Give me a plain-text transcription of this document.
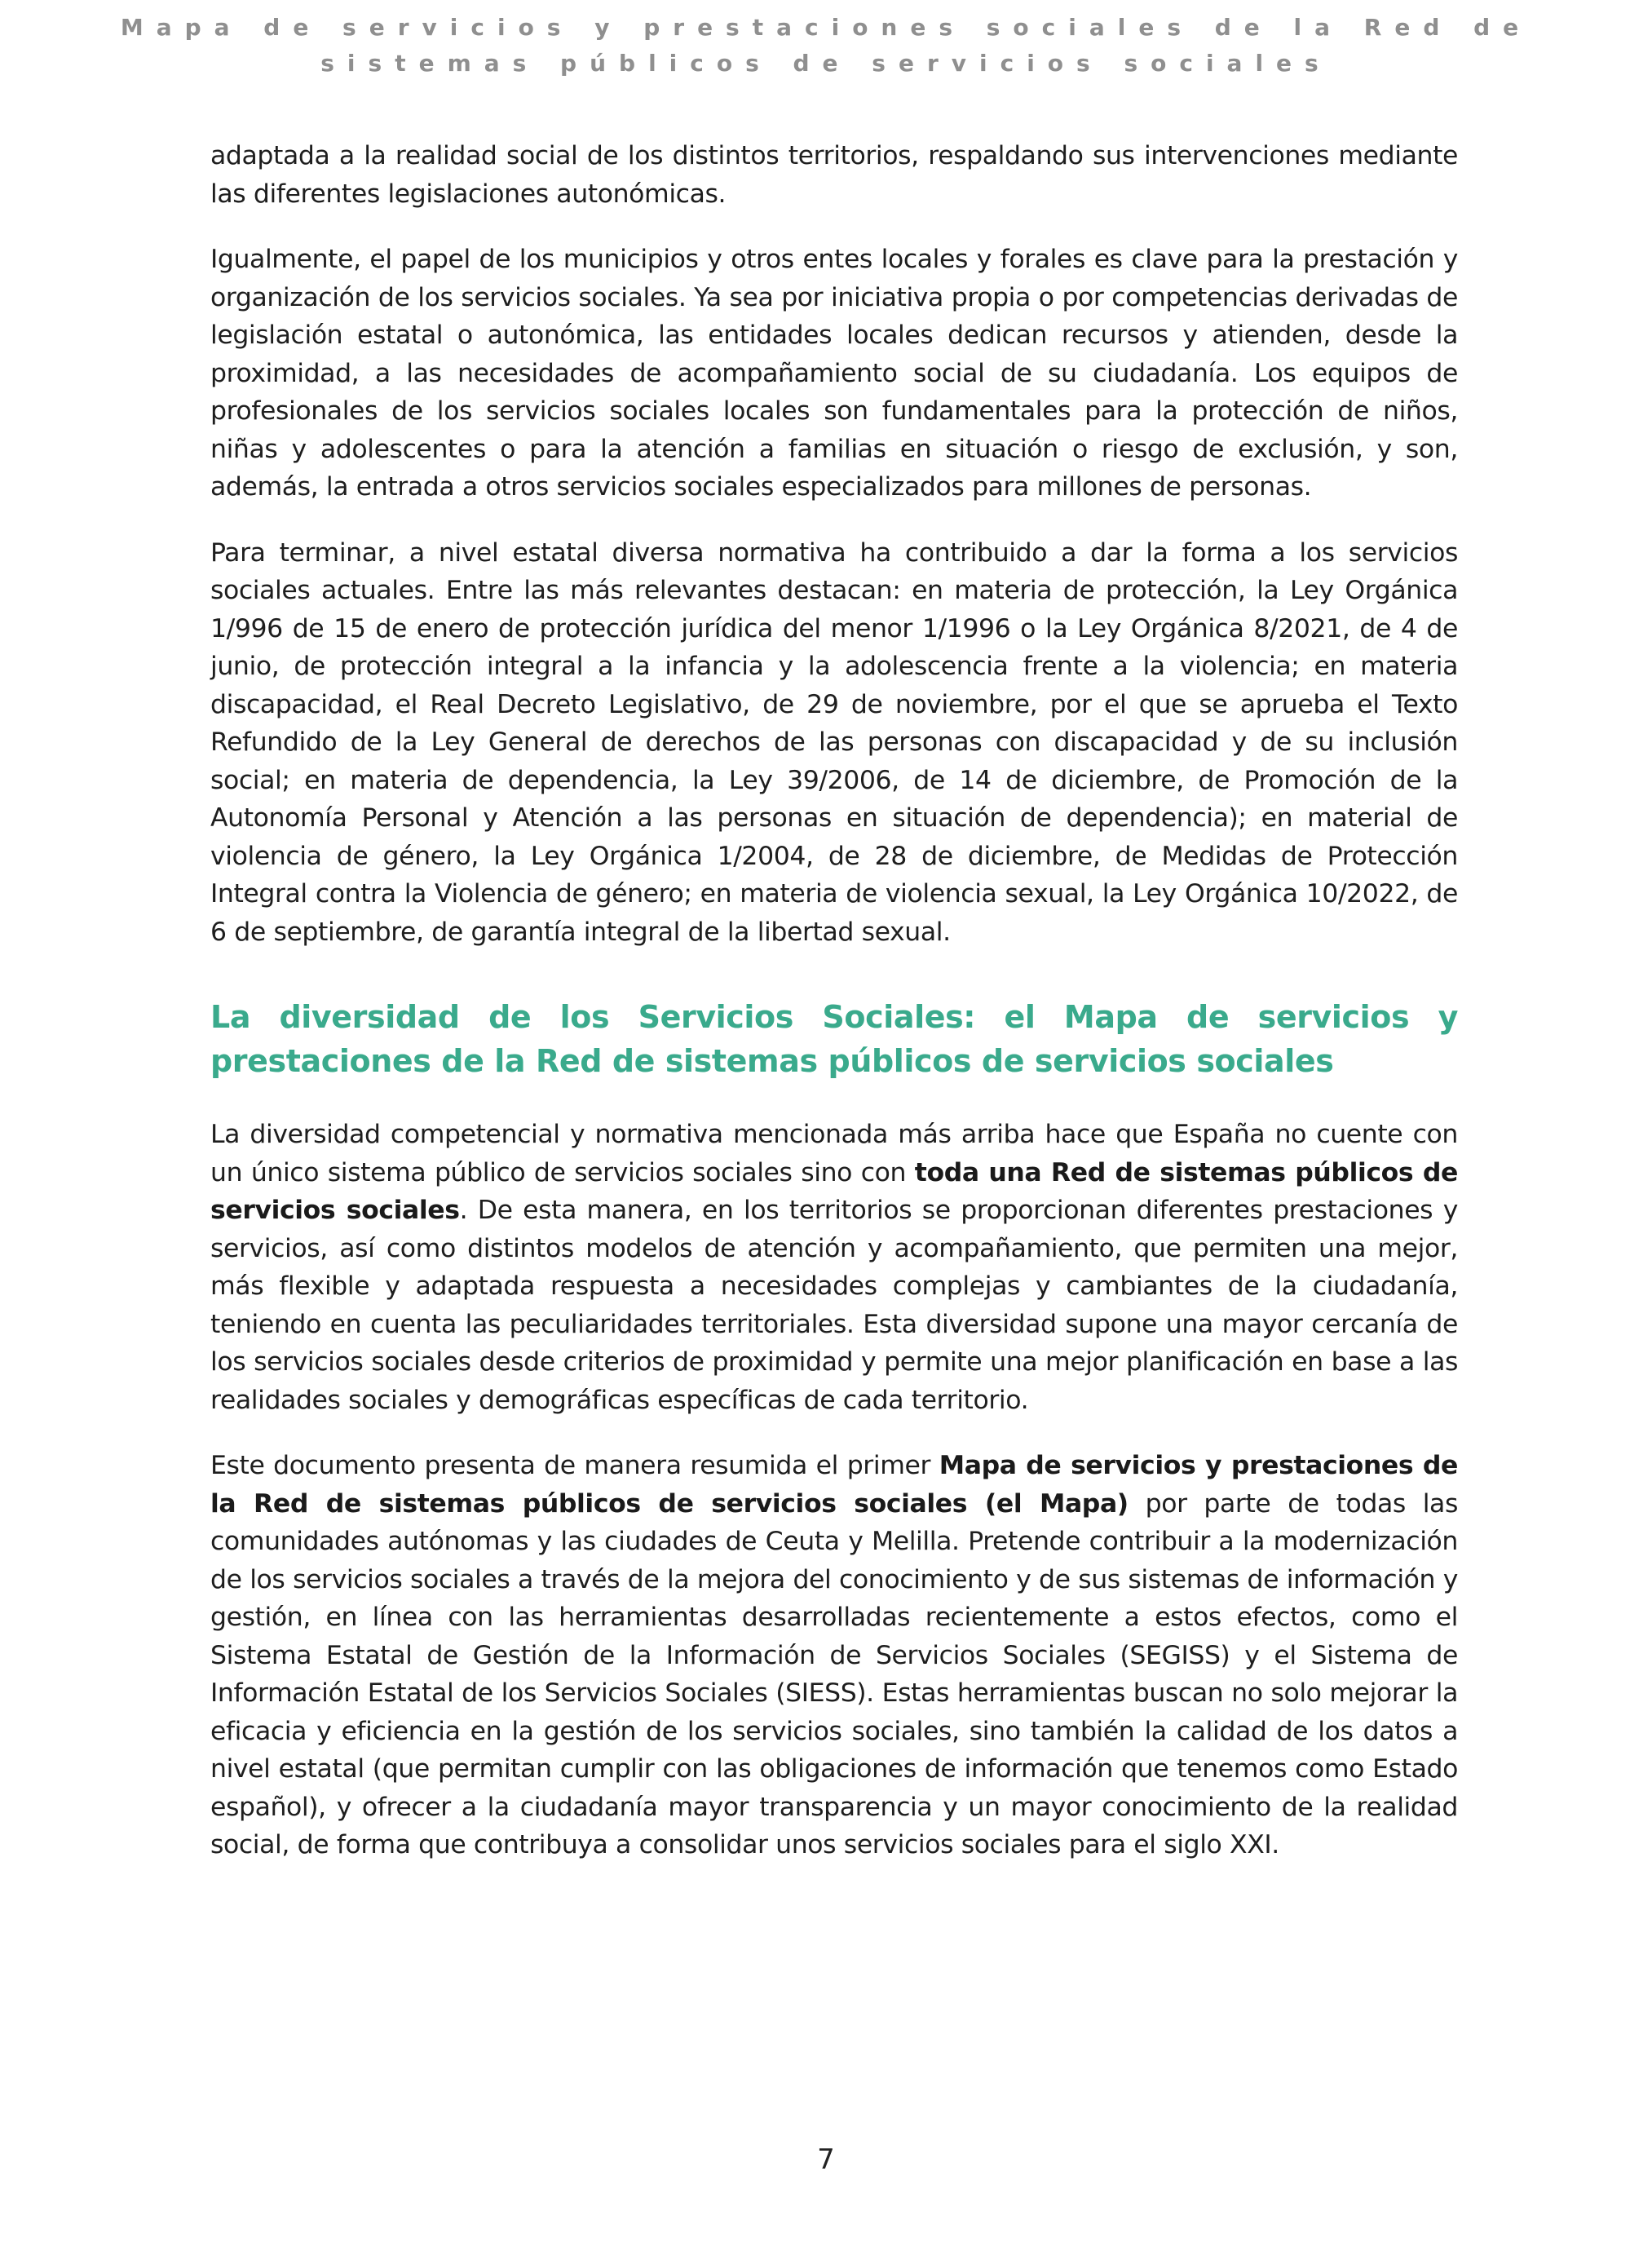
Mapa de servicios y prestaciones sociales de la Red de sistemas públicos de servicios sociales

adaptada a la realidad social de los distintos territorios, respaldando sus intervenciones mediante las diferentes legislaciones autonómicas.

Igualmente, el papel de los municipios y otros entes locales y forales es clave para la prestación y organización de los servicios sociales. Ya sea por iniciativa propia o por competencias derivadas de legislación estatal o autonómica, las entidades locales dedican recursos y atienden, desde la proximidad, a las necesidades de acompañamiento social de su ciudadanía. Los equipos de profesionales de los servicios sociales locales son fundamentales para la protección de niños, niñas y adolescentes o para la atención a familias en situación o riesgo de exclusión, y son, además, la entrada a otros servicios sociales especializados para millones de personas.

Para terminar, a nivel estatal diversa normativa ha contribuido a dar la forma a los servicios sociales actuales. Entre las más relevantes destacan: en materia de protección, la Ley Orgánica 1/996 de 15 de enero de protección jurídica del menor 1/1996 o la Ley Orgánica 8/2021, de 4 de junio, de protección integral a la infancia y la adolescencia frente a la violencia; en materia discapacidad, el Real Decreto Legislativo, de 29 de noviembre, por el que se aprueba el Texto Refundido de la Ley General de derechos de las personas con discapacidad y de su inclusión social; en materia de dependencia, la Ley 39/2006, de 14 de diciembre, de Promoción de la Autonomía Personal y Atención a las personas en situación de dependencia); en material de violencia de género, la Ley Orgánica 1/2004, de 28 de diciembre, de Medidas de Protección Integral contra la Violencia de género; en materia de violencia sexual, la Ley Orgánica 10/2022, de 6 de septiembre, de garantía integral de la libertad sexual.

La diversidad de los Servicios Sociales: el Mapa de servicios y prestaciones de la Red de sistemas públicos de servicios sociales

La diversidad competencial y normativa mencionada más arriba hace que España no cuente con un único sistema público de servicios sociales sino con toda una Red de sistemas públicos de servicios sociales. De esta manera, en los territorios se proporcionan diferentes prestaciones y servicios, así como distintos modelos de atención y acompañamiento, que permiten una mejor, más flexible y adaptada respuesta a necesidades complejas y cambiantes de la ciudadanía, teniendo en cuenta las peculiaridades territoriales. Esta diversidad supone una mayor cercanía de los servicios sociales desde criterios de proximidad y permite una mejor planificación en base a las realidades sociales y demográficas específicas de cada territorio.

Este documento presenta de manera resumida el primer Mapa de servicios y prestaciones de la Red de sistemas públicos de servicios sociales (el Mapa) por parte de todas las comunidades autónomas y las ciudades de Ceuta y Melilla. Pretende contribuir a la modernización de los servicios sociales a través de la mejora del conocimiento y de sus sistemas de información y gestión, en línea con las herramientas desarrolladas recientemente a estos efectos, como el Sistema Estatal de Gestión de la Información de Servicios Sociales (SEGISS) y el Sistema de Información Estatal de los Servicios Sociales (SIESS). Estas herramientas buscan no solo mejorar la eficacia y eficiencia en la gestión de los servicios sociales, sino también la calidad de los datos a nivel estatal (que permitan cumplir con las obligaciones de información que tenemos como Estado español), y ofrecer a la ciudadanía mayor transparencia y un mayor conocimiento de la realidad social, de forma que contribuya a consolidar unos servicios sociales para el siglo XXI.

7
